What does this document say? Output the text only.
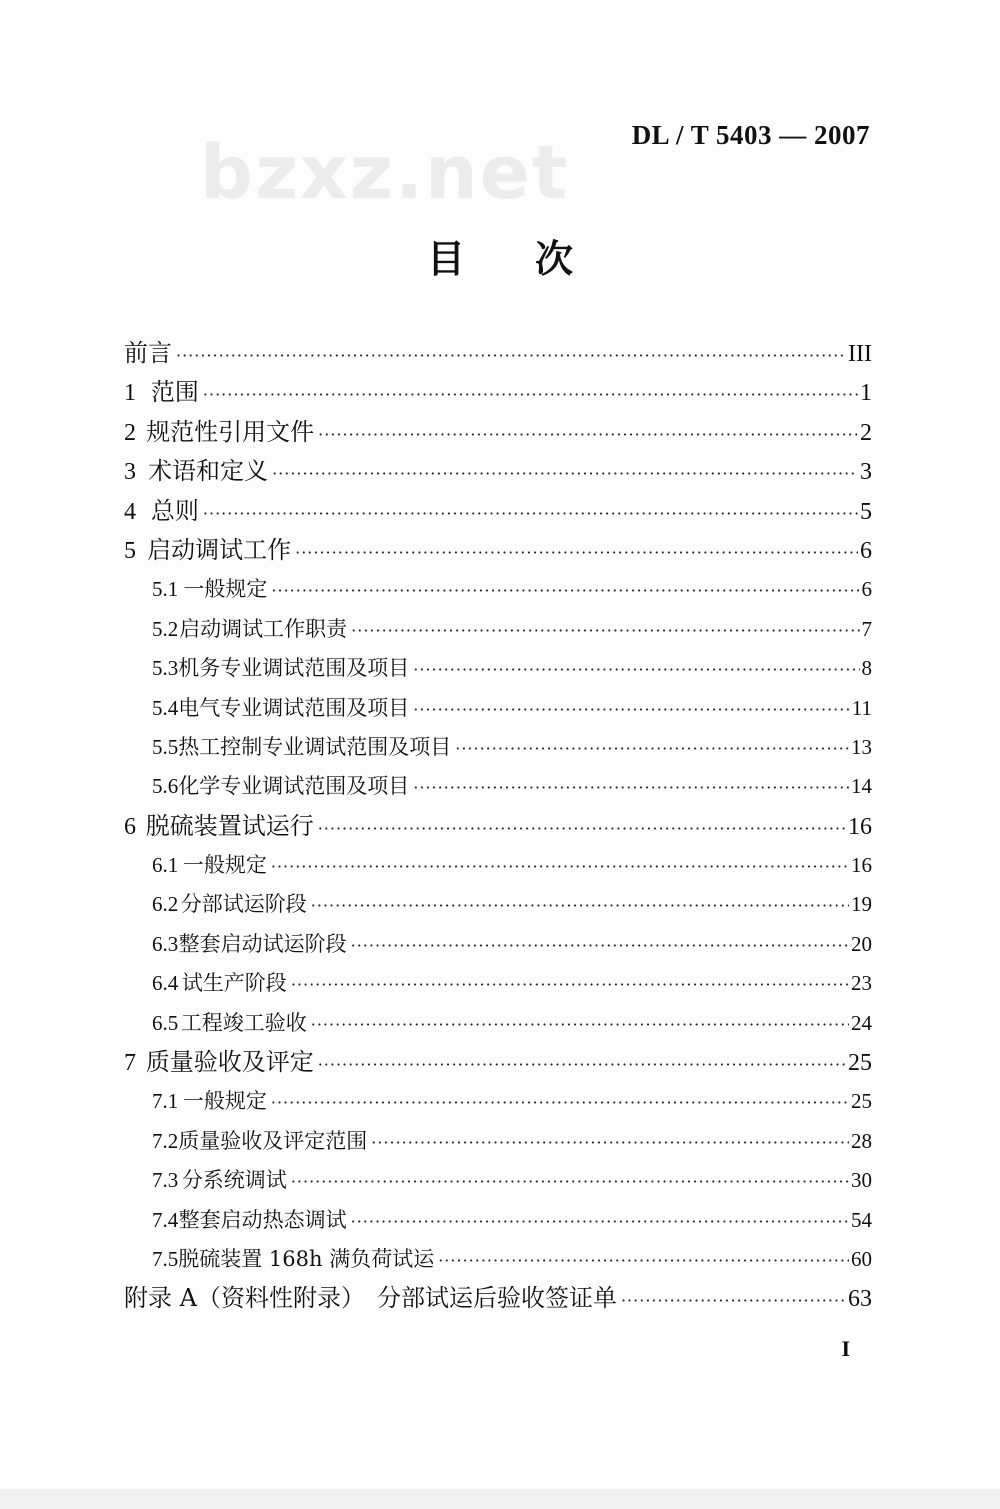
bzxz.net DL / T 5403 — 2007
目次
前言 ·····	III
1 范围 ·····	1
2 规范性引用文件 ·····	2
3 术语和定义 ·····	3
4 总则 ·····	5
5 启动调试工作 ·····	6
5.1 一般规定 ·····	6
5.2 启动调试工作职责 ·····	7
5.3 机务专业调试范围及项目 ·····	8
5.4 电气专业调试范围及项目 ·····	11
5.5 热工控制专业调试范围及项目 ·····	13
5.6 化学专业调试范围及项目 ·····	14
6 脱硫装置试运行 ·····	16
6.1 一般规定 ·····	16
6.2 分部试运阶段 ·····	19
6.3 整套启动试运阶段 ·····	20
6.4 试生产阶段 ·····	23
6.5 工程竣工验收 ·····	24
7 质量验收及评定 ·····	25
7.1 一般规定 ·····	25
7.2 质量验收及评定范围 ·····	28
7.3 分系统调试 ·····	30
7.4 整套启动热态调试 ·····	54
7.5 脱硫装置 168h 满负荷试运 ·····	60
附录 A（资料性附录）　分部试运后验收签证单 ·····	63
I
